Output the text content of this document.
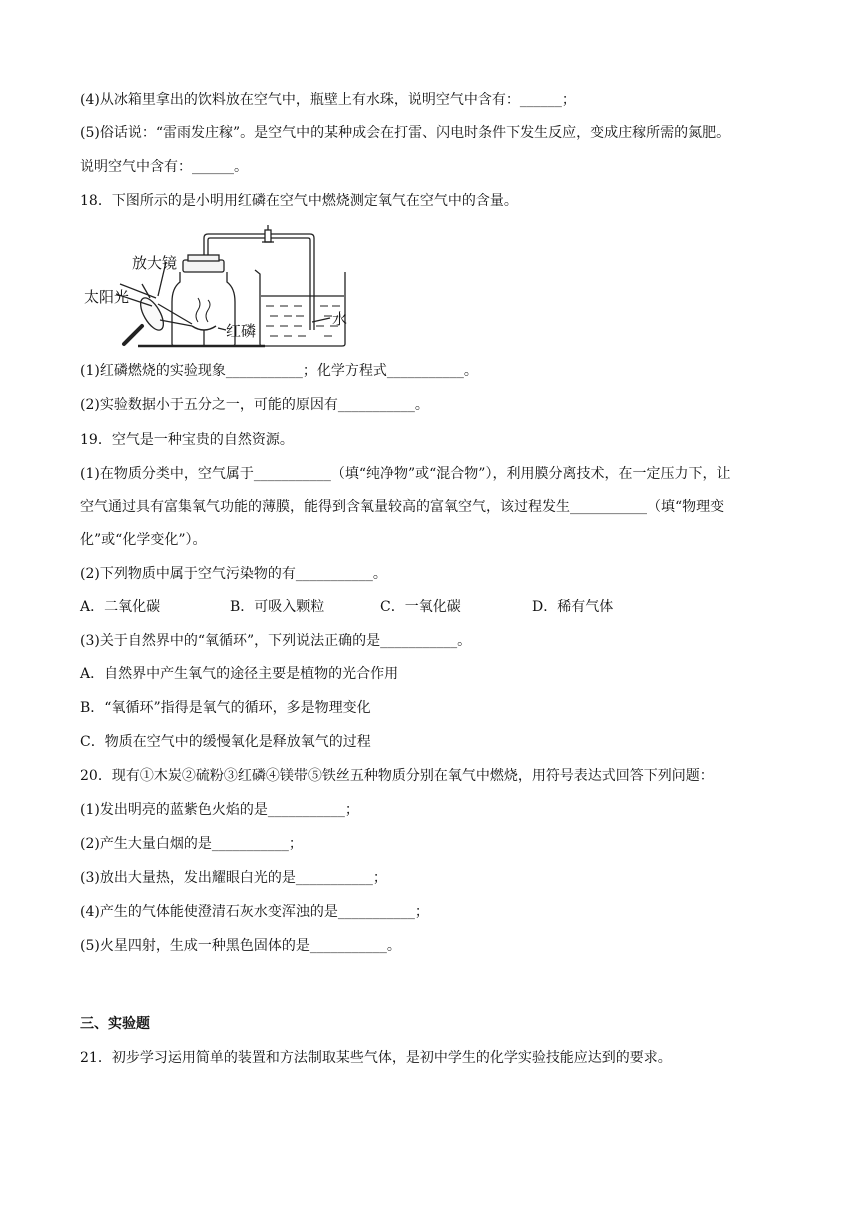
(4)从冰箱里拿出的饮料放在空气中，瓶壁上有水珠，说明空气中含有：______；
(5)俗话说：“雷雨发庄稼”。是空气中的某种成会在打雷、闪电时条件下发生反应，变成庄稼所需的氮肥。
说明空气中含有：______。
18．下图所示的是小明用红磷在空气中燃烧测定氧气在空气中的含量。
放大镜
太阳光
红磷
水
(1)红磷燃烧的实验现象___________；化学方程式___________。
(2)实验数据小于五分之一，可能的原因有___________。
19．空气是一种宝贵的自然资源。
(1)在物质分类中，空气属于___________（填“纯净物”或“混合物”），利用膜分离技术，在一定压力下，让
空气通过具有富集氧气功能的薄膜，能得到含氧量较高的富氧空气，该过程发生___________（填“物理变
化”或“化学变化”）。
(2)下列物质中属于空气污染物的有___________。
A．二氧化碳	B．可吸入颗粒	C．一氧化碳	D．稀有气体
(3)关于自然界中的“氧循环”，下列说法正确的是___________。
A．自然界中产生氧气的途径主要是植物的光合作用
B．“氧循环”指得是氧气的循环，多是物理变化
C．物质在空气中的缓慢氧化是释放氧气的过程
20．现有①木炭②硫粉③红磷④镁带⑤铁丝五种物质分别在氧气中燃烧，用符号表达式回答下列问题：
(1)发出明亮的蓝紫色火焰的是___________；
(2)产生大量白烟的是___________；
(3)放出大量热，发出耀眼白光的是___________；
(4)产生的气体能使澄清石灰水变浑浊的是___________；
(5)火星四射，生成一种黑色固体的是___________。
三、实验题
21．初步学习运用简单的装置和方法制取某些气体，是初中学生的化学实验技能应达到的要求。
